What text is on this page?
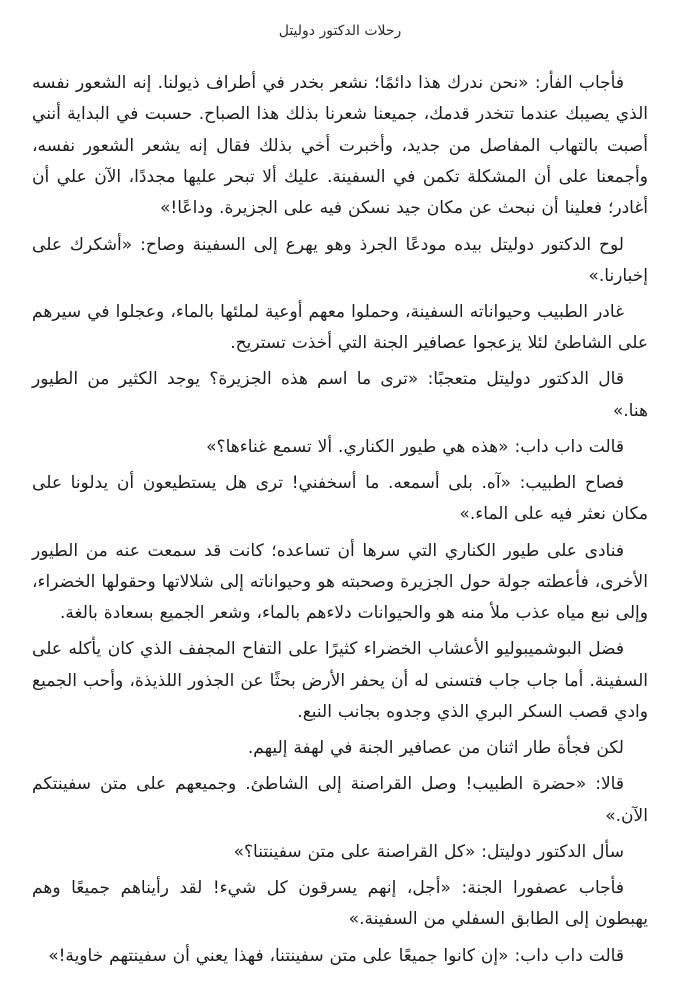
رحلات الدكتور دوليتل

فأجاب الفأر: «نحن ندرك هذا دائمًا؛ نشعر بخدر في أطراف ذيولنا. إنه الشعور نفسه الذي يصيبك عندما تتخدر قدمك، جميعنا شعرنا بذلك هذا الصباح. حسبت في البداية أنني أصبت بالتهاب المفاصل من جديد، وأخبرت أخي بذلك فقال إنه يشعر الشعور نفسه، وأجمعنا على أن المشكلة تكمن في السفينة. عليك ألا تبحر عليها مجددًا، الآن علي أن أغادر؛ فعلينا أن نبحث عن مكان جيد نسكن فيه على الجزيرة. وداعًا!»

لوح الدكتور دوليتل بيده مودعًا الجرذ وهو يهرع إلى السفينة وصاح: «أشكرك على إخبارنا.»

غادر الطبيب وحيواناته السفينة، وحملوا معهم أوعية لملئها بالماء، وعجلوا في سيرهم على الشاطئ لئلا يزعجوا عصافير الجنة التي أخذت تستريح.

قال الدكتور دوليتل متعجبًا: «ترى ما اسم هذه الجزيرة؟ يوجد الكثير من الطيور هنا.»

قالت داب داب: «هذه هي طيور الكناري. ألا تسمع غناءها؟»

فصاح الطبيب: «آه. بلى أسمعه. ما أسخفني! ترى هل يستطيعون أن يدلونا على مكان نعثر فيه على الماء.»

فنادى على طيور الكناري التي سرها أن تساعده؛ كانت قد سمعت عنه من الطيور الأخرى، فأعطته جولة حول الجزيرة وصحبته هو وحيواناته إلى شلالاتها وحقولها الخضراء، وإلى نبع مياه عذب ملأ منه هو والحيوانات دلاءهم بالماء، وشعر الجميع بسعادة بالغة.

فضل البوشميبوليو الأعشاب الخضراء كثيرًا على التفاح المجفف الذي كان يأكله على السفينة. أما جاب جاب فتسنى له أن يحفر الأرض بحثًا عن الجذور اللذيذة، وأحب الجميع وادي قصب السكر البري الذي وجدوه بجانب النبع.

لكن فجأة طار اثنان من عصافير الجنة في لهفة إليهم.

قالا: «حضرة الطبيب! وصل القراصنة إلى الشاطئ. وجميعهم على متن سفينتكم الآن.»

سأل الدكتور دوليتل: «كل القراصنة على متن سفينتنا؟»

فأجاب عصفورا الجنة: «أجل، إنهم يسرقون كل شيء! لقد رأيناهم جميعًا وهم يهبطون إلى الطابق السفلي من السفينة.»

قالت داب داب: «إن كانوا جميعًا على متن سفينتنا، فهذا يعني أن سفينتهم خاوية!»
